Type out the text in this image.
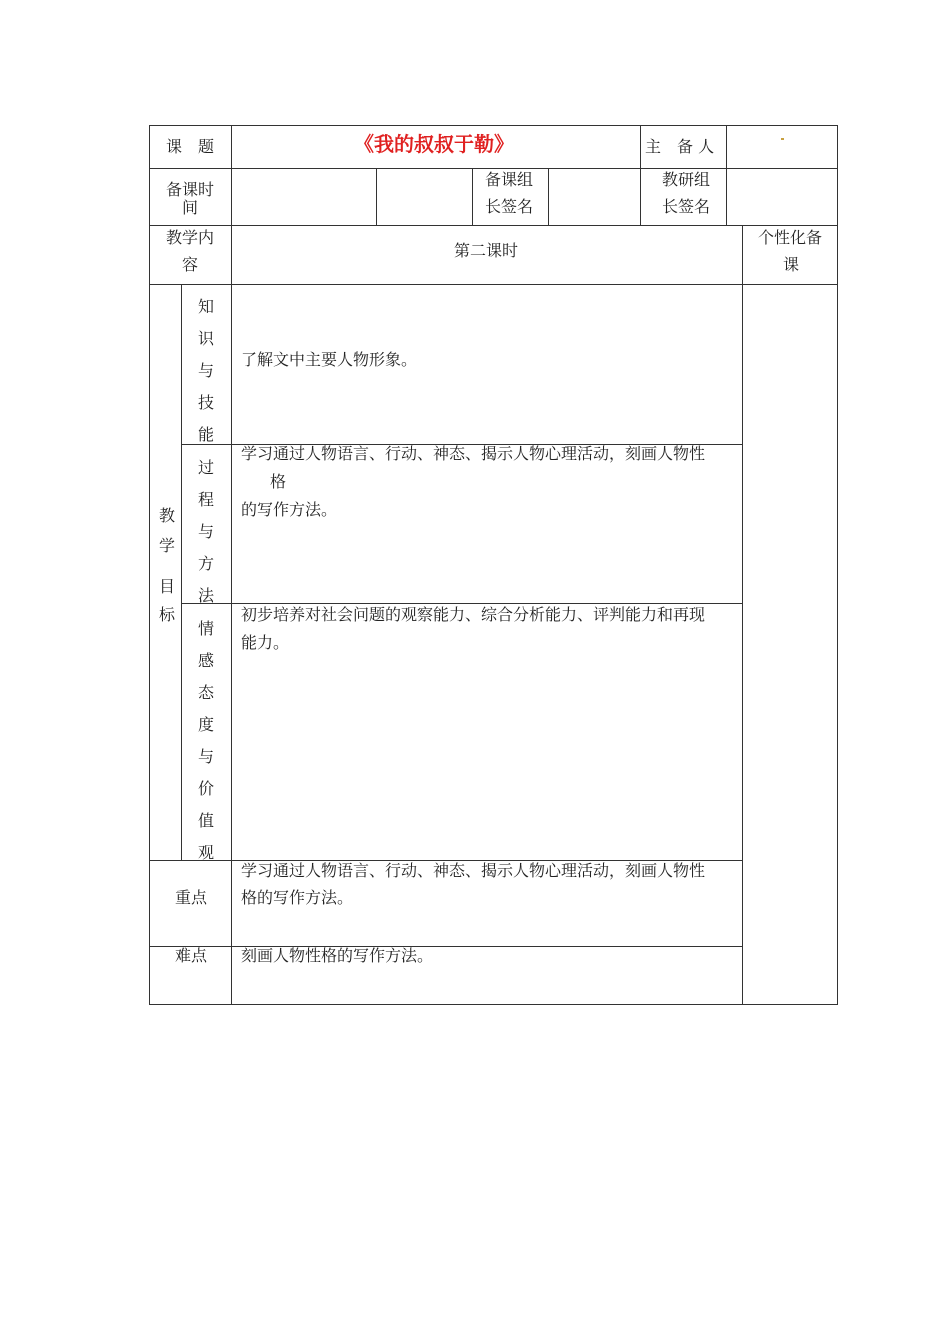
课　题	《我的叔叔于勒》	主　备 人
备课时
间
备课组
长签名
教研组
长签名
教学内
容
第二课时
个性化备
课
教
学
目
标
知
识
与
技
能
了解文中主要人物形象。
过
程
与
方
法
学习通过人物语言、行动、神态、揭示人物心理活动，刻画人物性
格
的写作方法。
情
感
态
度
与
价
值
观
初步培养对社会问题的观察能力、综合分析能力、评判能力和再现
能力。
重点
学习通过人物语言、行动、神态、揭示人物心理活动，刻画人物性
格的写作方法。
难点 刻画人物性格的写作方法。
